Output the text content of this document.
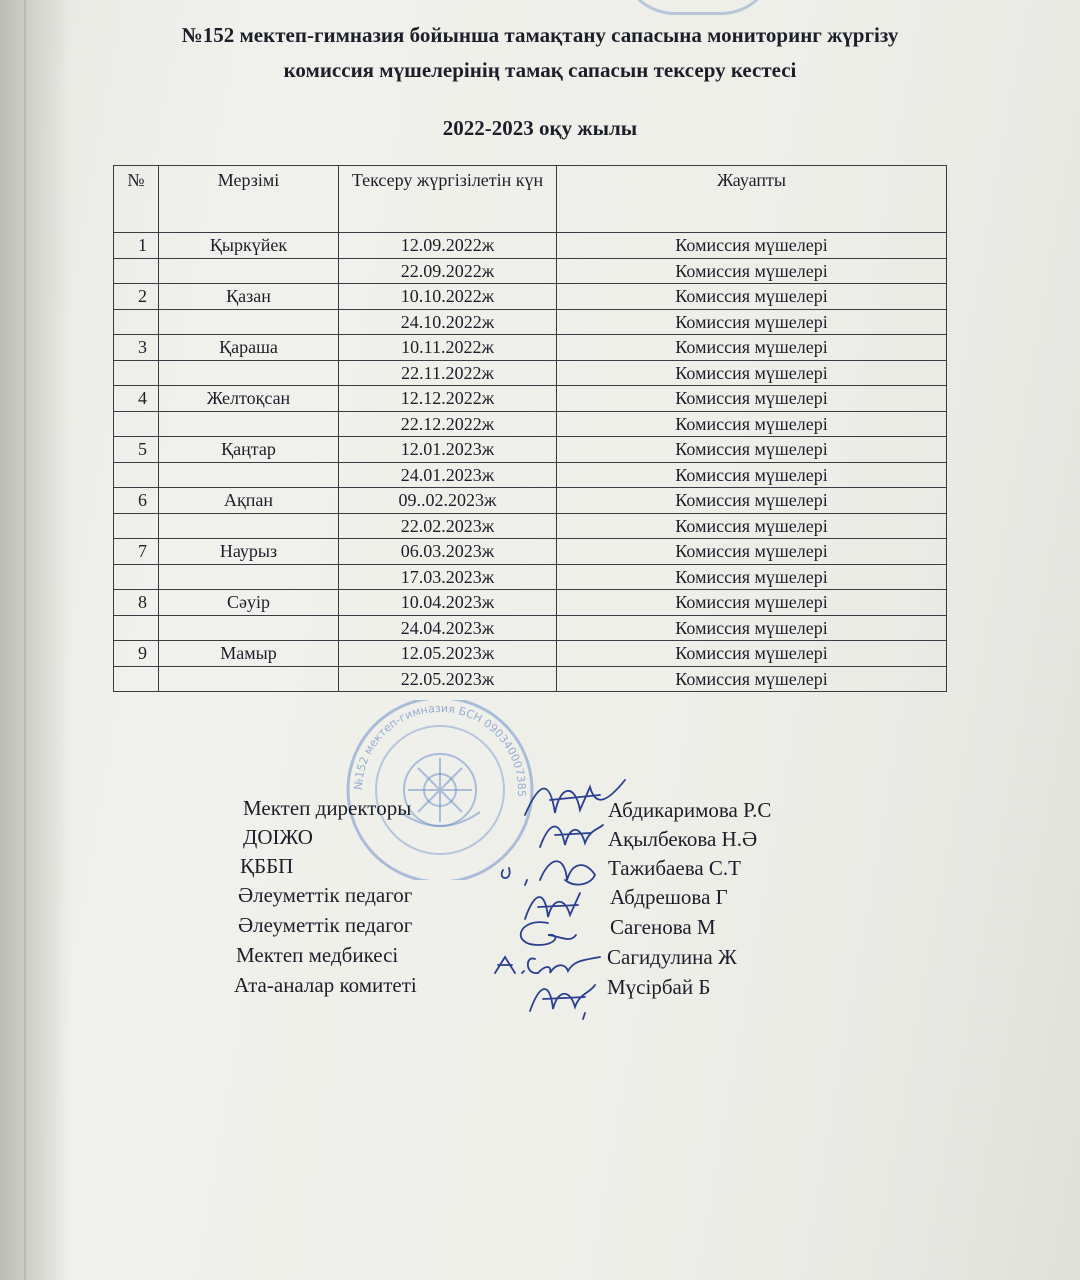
№152 мектеп-гимназия бойынша тамақтану сапасына мониторинг жүргізу
комиссия мүшелерінің тамақ сапасын тексеру кестесі
2022-2023 оқу жылы
№	Мерзімі	Тексеру жүргізілетін күн	Жауапты
1	Қыркүйек	12.09.2022ж	Комиссия мүшелері
		22.09.2022ж	Комиссия мүшелері
2	Қазан	10.10.2022ж	Комиссия мүшелері
		24.10.2022ж	Комиссия мүшелері
3	Қараша	10.11.2022ж	Комиссия мүшелері
		22.11.2022ж	Комиссия мүшелері
4	Желтоқсан	12.12.2022ж	Комиссия мүшелері
		22.12.2022ж	Комиссия мүшелері
5	Қаңтар	12.01.2023ж	Комиссия мүшелері
		24.01.2023ж	Комиссия мүшелері
6	Ақпан	09..02.2023ж	Комиссия мүшелері
		22.02.2023ж	Комиссия мүшелері
7	Наурыз	06.03.2023ж	Комиссия мүшелері
		17.03.2023ж	Комиссия мүшелері
8	Сәуір	10.04.2023ж	Комиссия мүшелері
		24.04.2023ж	Комиссия мүшелері
9	Мамыр	12.05.2023ж	Комиссия мүшелері
		22.05.2023ж	Комиссия мүшелері
№152 мектеп-гимназия БСН 090340007385
Мектеп директоры	Абдикаримова Р.С
ДОІЖО	Ақылбекова Н.Ә
ҚББП	Тажибаева С.Т
Әлеуметтік педагог	Абдрешова Г
Әлеуметтік педагог	Сагенова М
Мектеп медбикесі	Сагидулина Ж
Ата-аналар комитеті	Мүсірбай Б
